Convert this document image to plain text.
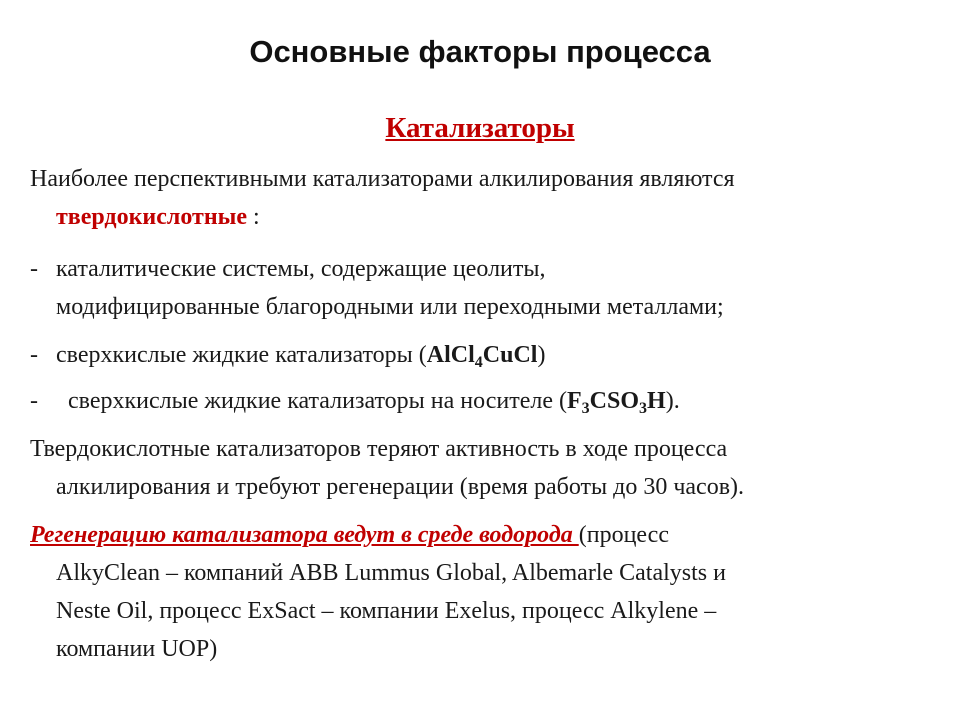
Основные факторы процесса
Катализаторы
Наиболее перспективными катализаторами алкилирования являются
твердокислотные :
- каталитические системы, содержащие цеолиты,
модифицированные благородными или переходными металлами;
- сверхкислые жидкие катализаторы (AlCl$_4$CuCl)
-  сверхкислые жидкие катализаторы на носителе $(F_3CSO_3H)$.
Твердокислотные катализаторов теряют активность в ходе процесса
алкилирования и требуют регенерации (время работы до 30 часов).
Регенерацию катализатора ведут в среде водорода (процесс
AlkyClean – компаний ABB Lummus Global, Albemarle Catalysts и
Neste Oil, процесс ExSact – компании Exelus, процесс Alkylene –
компании UOP)
